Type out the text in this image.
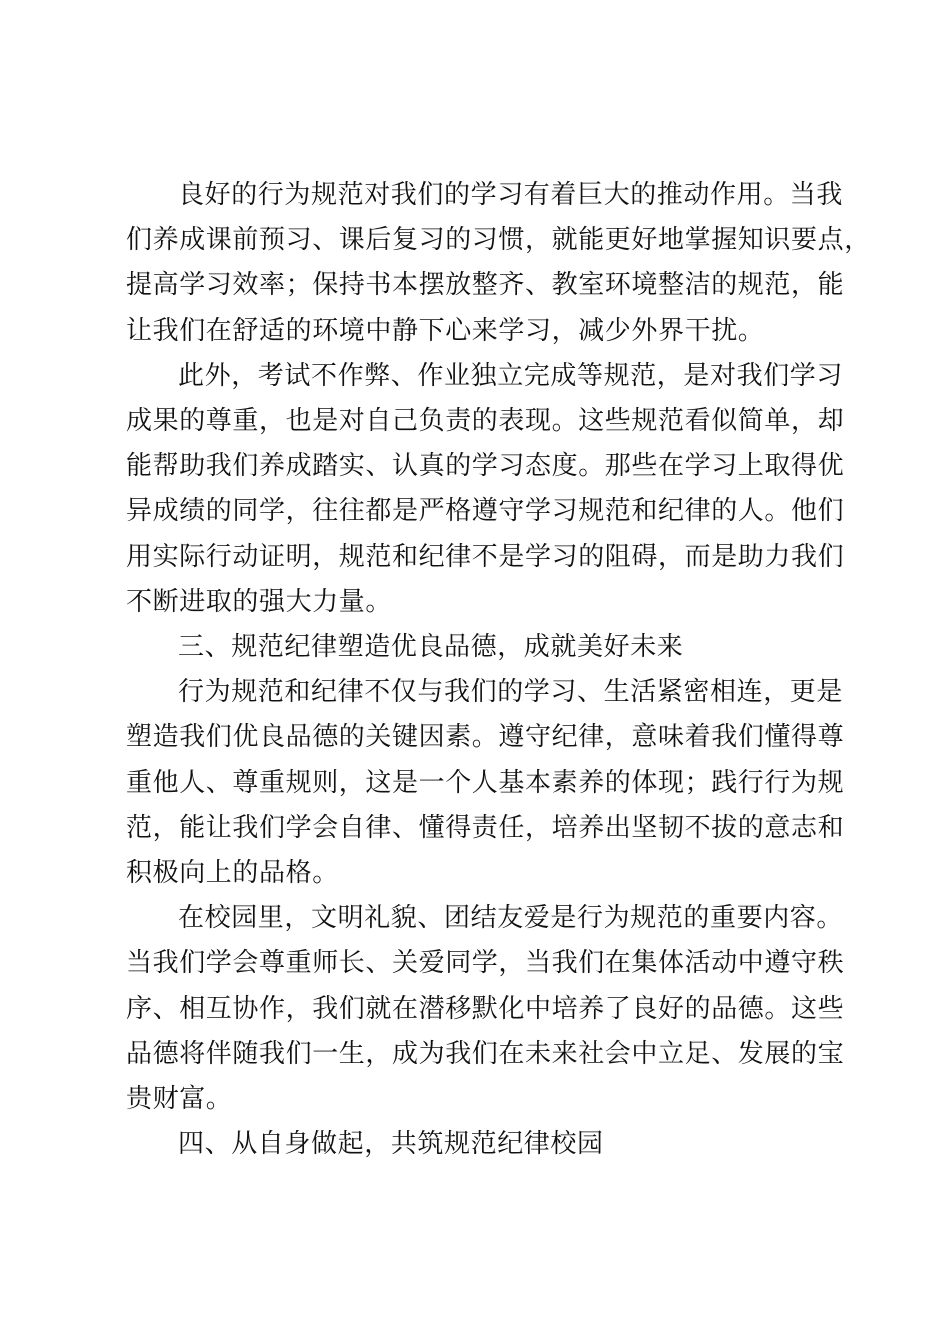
良好的行为规范对我们的学习有着巨大的推动作用。当我
们养成课前预习、课后复习的习惯，就能更好地掌握知识要点，
提高学习效率；保持书本摆放整齐、教室环境整洁的规范，能
让我们在舒适的环境中静下心来学习，减少外界干扰。
此外，考试不作弊、作业独立完成等规范，是对我们学习
成果的尊重，也是对自己负责的表现。这些规范看似简单，却
能帮助我们养成踏实、认真的学习态度。那些在学习上取得优
异成绩的同学，往往都是严格遵守学习规范和纪律的人。他们
用实际行动证明，规范和纪律不是学习的阻碍，而是助力我们
不断进取的强大力量。
三、规范纪律塑造优良品德，成就美好未来
行为规范和纪律不仅与我们的学习、生活紧密相连，更是
塑造我们优良品德的关键因素。遵守纪律，意味着我们懂得尊
重他人、尊重规则，这是一个人基本素养的体现；践行行为规
范，能让我们学会自律、懂得责任，培养出坚韧不拔的意志和
积极向上的品格。
在校园里，文明礼貌、团结友爱是行为规范的重要内容。
当我们学会尊重师长、关爱同学，当我们在集体活动中遵守秩
序、相互协作，我们就在潜移默化中培养了良好的品德。这些
品德将伴随我们一生，成为我们在未来社会中立足、发展的宝
贵财富。
四、从自身做起，共筑规范纪律校园
